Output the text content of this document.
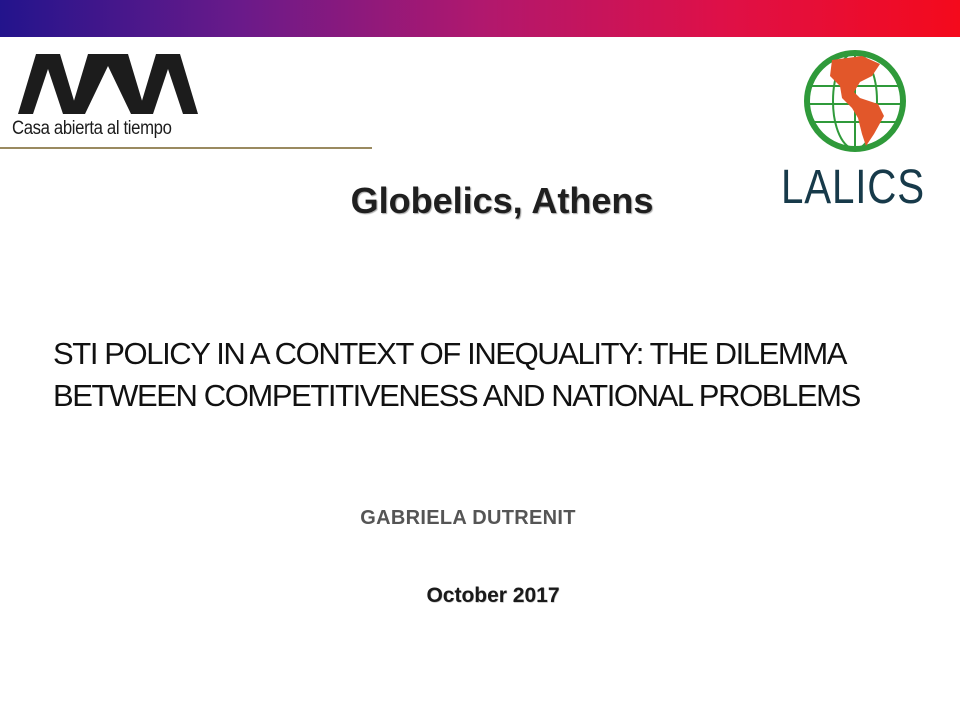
Casa abierta al tiempo

LALICS

Globelics, Athens
STI POLICY IN A CONTEXT OF INEQUALITY: THE DILEMMA BETWEEN COMPETITIVENESS AND NATIONAL PROBLEMS

GABRIELA DUTRENIT

October 2017
